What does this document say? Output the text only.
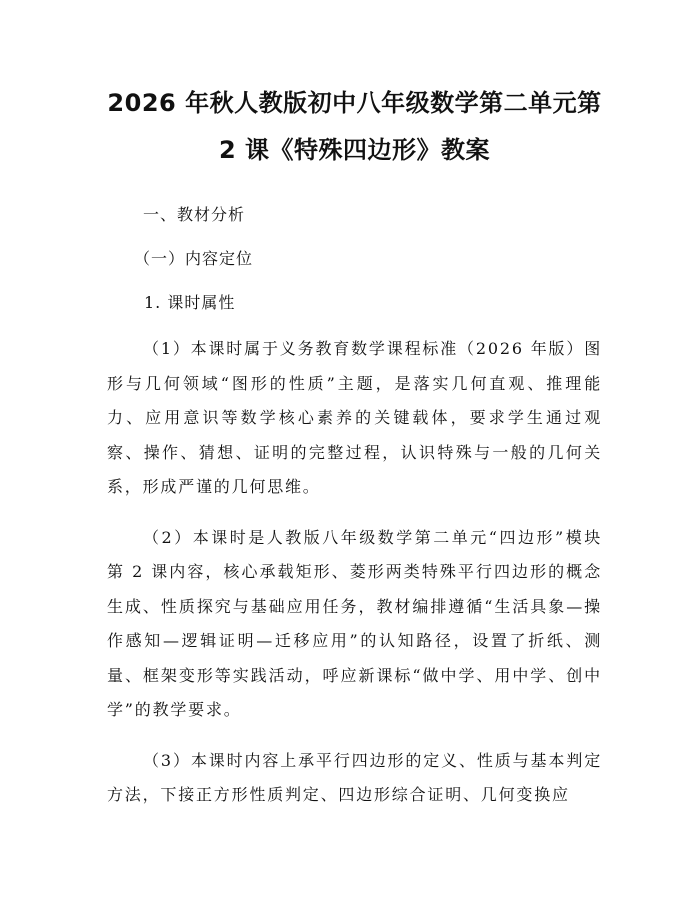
2026 年秋人教版初中八年级数学第二单元第
2 课《特殊四边形》教案

一、教材分析

（一）内容定位

1. 课时属性

（1）本课时属于义务教育数学课程标准（2026 年版）图形与几何领域“图形的性质”主题，是落实几何直观、推理能力、应用意识等数学核心素养的关键载体，要求学生通过观察、操作、猜想、证明的完整过程，认识特殊与一般的几何关系，形成严谨的几何思维。

（2）本课时是人教版八年级数学第二单元“四边形”模块第 2 课内容，核心承载矩形、菱形两类特殊平行四边形的概念生成、性质探究与基础应用任务，教材编排遵循“生活具象—操作感知—逻辑证明—迁移应用”的认知路径，设置了折纸、测量、框架变形等实践活动，呼应新课标“做中学、用中学、创中学”的教学要求。

（3）本课时内容上承平行四边形的定义、性质与基本判定方法，下接正方形性质判定、四边形综合证明、几何变换应
